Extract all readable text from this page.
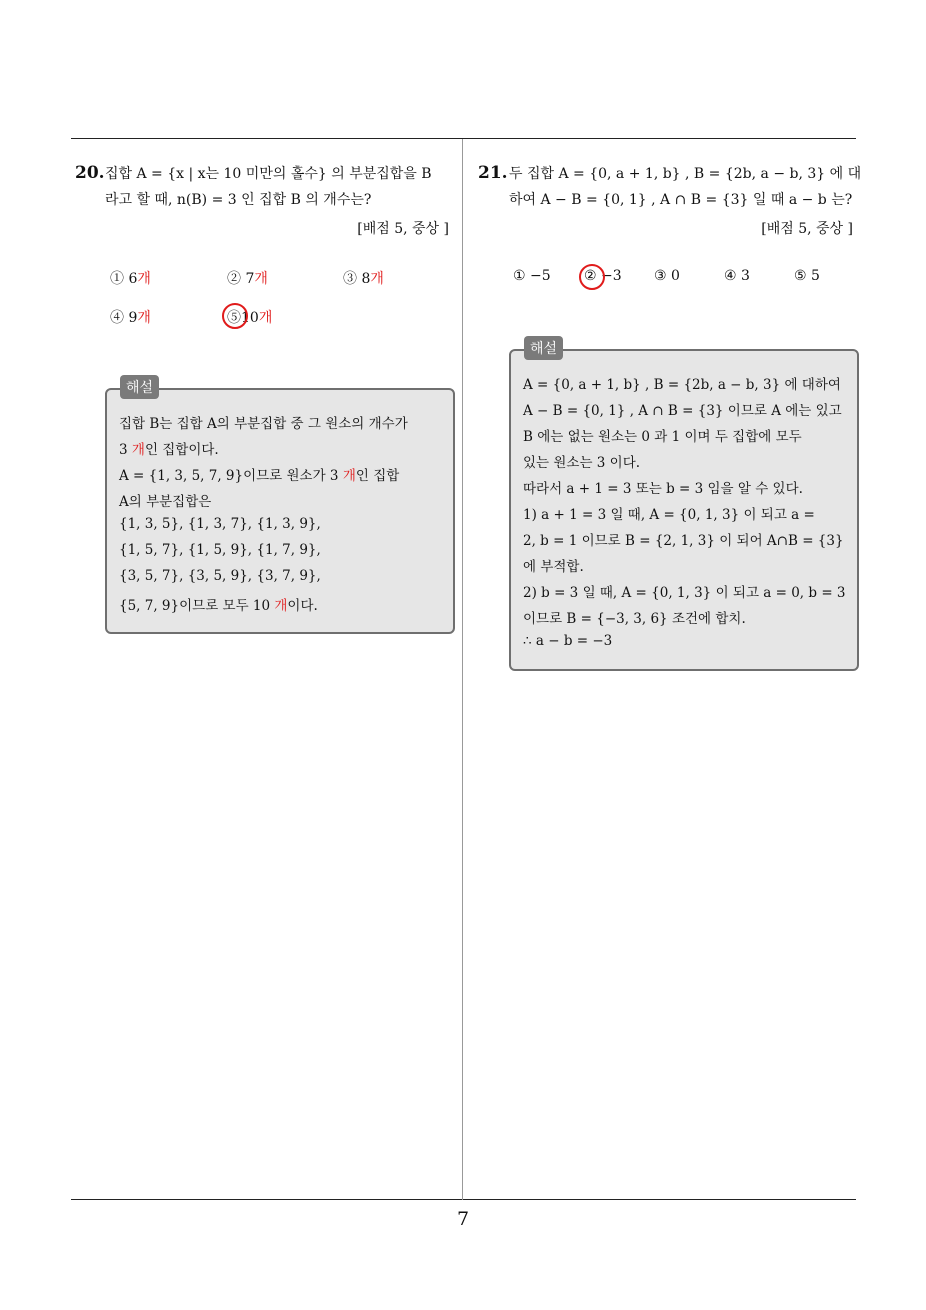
20. 집합 A = {x | x는 10 미만의 홀수} 의 부분집합을 B
라고 할 때, n(B) = 3 인 집합 B 의 개수는?
[배점 5, 중상 ]
① 6개	② 7개	③ 8개
④ 9개	⑤10개
집합 B는 집합 A의 부분집합 중 그 원소의 개수가
3 개인 집합이다.
A = {1, 3, 5, 7, 9}이므로 원소가 3 개인 집합
A의 부분집합은
{1, 3, 5}, {1, 3, 7}, {1, 3, 9},
{1, 5, 7}, {1, 5, 9}, {1, 7, 9},
{3, 5, 7}, {3, 5, 9}, {3, 7, 9},
{5, 7, 9}이므로 모두 10 개이다.
해설
21. 두 집합 A = {0, a + 1, b} , B = {2b, a − b, 3} 에 대
하여 A − B = {0, 1} , A ∩ B = {3} 일 때 a − b 는?
[배점 5, 중상 ]
① −5 ② −3 ③ 0	④ 3	⑤ 5
A = {0, a + 1, b} , B = {2b, a − b, 3} 에 대하여
A − B = {0, 1} , A ∩ B = {3} 이므로 A 에는 있고
B 에는 없는 원소는 0 과 1 이며 두 집합에 모두
있는 원소는 3 이다.
따라서 a + 1 = 3 또는 b = 3 임을 알 수 있다.
1) a + 1 = 3 일 때, A = {0, 1, 3} 이 되고 a =
2, b = 1 이므로 B = {2, 1, 3} 이 되어 A∩B = {3}
에 부적합.
2) b = 3 일 때, A = {0, 1, 3} 이 되고 a = 0, b = 3
이므로 B = {−3, 3, 6} 조건에 합치.
∴ a − b = −3
해설
7
